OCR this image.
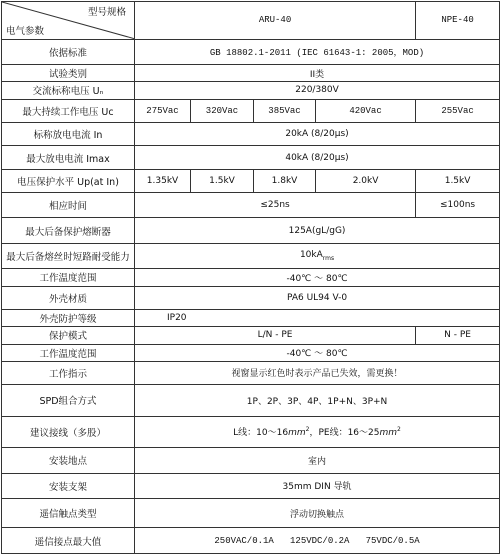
型号规格
电气参数	ARU-40				NPE-40
依据标准	GB 18802.1-2011 (IEC 61643-1: 2005，MOD)				
试验类别	II类				
交流标称电压 Uₙ	220/380V				
最大持续工作电压 Uc	275Vac	320Vac	385Vac	420Vac	255Vac
标称放电电流 In	20kA (8/20μs)				
最大放电电流 Imax	40kA (8/20μs)				
电压保护水平 Up(at In)	1.35kV	1.5kV	1.8kV	2.0kV	1.5kV
相应时间	≤25ns				≤100ns
最大后备保护熔断器	125A(gL/gG)				
最大后备熔丝时短路耐受能力	$10kA_{rms}$
工作温度范围	-40℃ ～ 80℃				
外壳材质	PA6 UL94 V-0				
外壳防护等级	IP20				

保护模式	L/N - PE				N - PE
工作温度范围	-40℃ ～ 80℃				
工作指示	视窗显示红色时表示产品已失效，需更换！				
SPD组合方式	1P、2P、3P、4P、1P+N、3P+N				
建议接线（多股）	L线：$10\sim 16mm^2$，PE线：$16\sim 25mm^2$
安装地点	室内				
安装支架	35mm DIN 导轨				
遥信触点类型	浮动切换触点				
遥信接点最大值	250VAC/0.1A   125VDC/0.2A   75VDC/0.5A				
